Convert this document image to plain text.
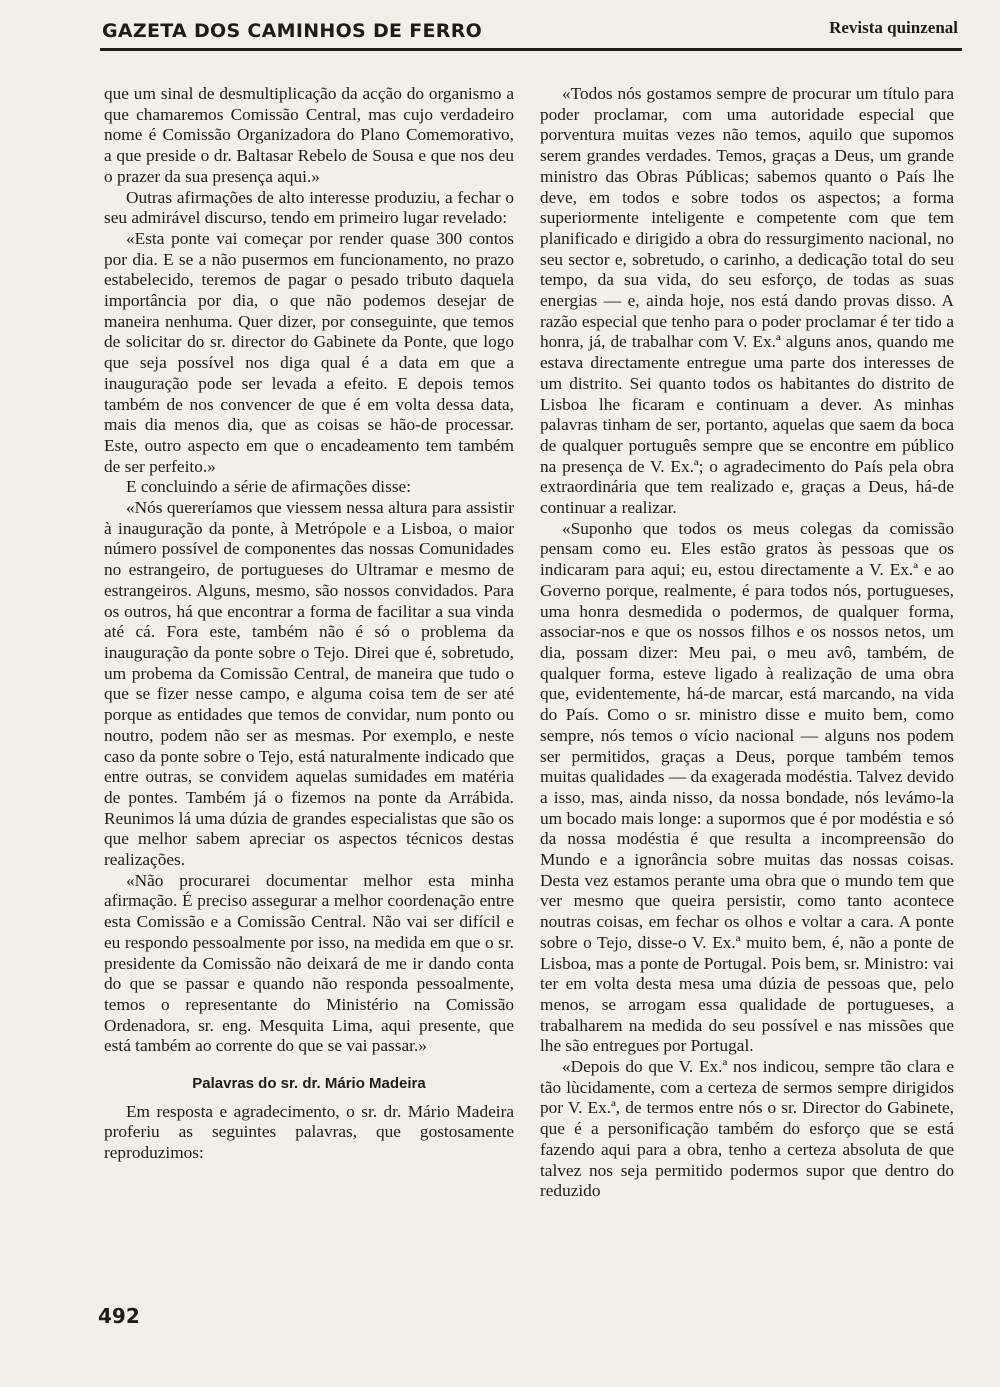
GAZETA DOS CAMINHOS DE FERRO	Revista quinzenal

que um sinal de desmultiplicação da acção do organismo a que chamaremos Comissão Central, mas cujo verdadeiro nome é Comissão Organizadora do Plano Comemorativo, a que preside o dr. Baltasar Rebelo de Sousa e que nos deu o prazer da sua presença aqui.»

Outras afirmações de alto interesse produziu, a fechar o seu admirável discurso, tendo em primeiro lugar revelado:

«Esta ponte vai começar por render quase 300 contos por dia. E se a não pusermos em funcionamento, no prazo estabelecido, teremos de pagar o pesado tributo daquela importância por dia, o que não podemos desejar de maneira nenhuma. Quer dizer, por conseguinte, que temos de solicitar do sr. director do Gabinete da Ponte, que logo que seja possível nos diga qual é a data em que a inauguração pode ser levada a efeito. E depois temos também de nos convencer de que é em volta dessa data, mais dia menos dia, que as coisas se hão-de processar. Este, outro aspecto em que o encadeamento tem também de ser perfeito.»

E concluindo a série de afirmações disse:

«Nós quereríamos que viessem nessa altura para assistir à inauguração da ponte, à Metrópole e a Lisboa, o maior número possível de componentes das nossas Comunidades no estrangeiro, de portugueses do Ultramar e mesmo de estrangeiros. Alguns, mesmo, são nossos convidados. Para os outros, há que encontrar a forma de facilitar a sua vinda até cá. Fora este, também não é só o problema da inauguração da ponte sobre o Tejo. Direi que é, sobretudo, um probema da Comissão Central, de maneira que tudo o que se fizer nesse campo, e alguma coisa tem de ser até porque as entidades que temos de convidar, num ponto ou noutro, podem não ser as mesmas. Por exemplo, e neste caso da ponte sobre o Tejo, está naturalmente indicado que entre outras, se convidem aquelas sumidades em matéria de pontes. Também já o fizemos na ponte da Arrábida. Reunimos lá uma dúzia de grandes especialistas que são os que melhor sabem apreciar os aspectos técnicos destas realizações.

«Não procurarei documentar melhor esta minha afirmação. É preciso assegurar a melhor coordenação entre esta Comissão e a Comissão Central. Não vai ser difícil e eu respondo pessoalmente por isso, na medida em que o sr. presidente da Comissão não deixará de me ir dando conta do que se passar e quando não responda pessoalmente, temos o representante do Ministério na Comissão Ordenadora, sr. eng. Mesquita Lima, aqui presente, que está também ao corrente do que se vai passar.»

Palavras do sr. dr. Mário Madeira

Em resposta e agradecimento, o sr. dr. Mário Madeira proferiu as seguintes palavras, que gostosamente reproduzimos:

«Todos nós gostamos sempre de procurar um título para poder proclamar, com uma autoridade especial que porventura muitas vezes não temos, aquilo que supomos serem grandes verdades. Temos, graças a Deus, um grande ministro das Obras Públicas; sabemos quanto o País lhe deve, em todos e sobre todos os aspectos; a forma superiormente inteligente e competente com que tem planificado e dirigido a obra do ressurgimento nacional, no seu sector e, sobretudo, o carinho, a dedicação total do seu tempo, da sua vida, do seu esforço, de todas as suas energias — e, ainda hoje, nos está dando provas disso. A razão especial que tenho para o poder proclamar é ter tido a honra, já, de trabalhar com V. Ex.ª alguns anos, quando me estava directamente entregue uma parte dos interesses de um distrito. Sei quanto todos os habitantes do distrito de Lisboa lhe ficaram e continuam a dever. As minhas palavras tinham de ser, portanto, aquelas que saem da boca de qualquer português sempre que se encontre em público na presença de V. Ex.ª; o agradecimento do País pela obra extraordinária que tem realizado e, graças a Deus, há-de continuar a realizar.

«Suponho que todos os meus colegas da comissão pensam como eu. Eles estão gratos às pessoas que os indicaram para aqui; eu, estou directamente a V. Ex.ª e ao Governo porque, realmente, é para todos nós, portugueses, uma honra desmedida o podermos, de qualquer forma, associar-nos e que os nossos filhos e os nossos netos, um dia, possam dizer: Meu pai, o meu avô, também, de qualquer forma, esteve ligado à realização de uma obra que, evidentemente, há-de marcar, está marcando, na vida do País. Como o sr. ministro disse e muito bem, como sempre, nós temos o vício nacional — alguns nos podem ser permitidos, graças a Deus, porque também temos muitas qualidades — da exagerada modéstia. Talvez devido a isso, mas, ainda nisso, da nossa bondade, nós levámo-la um bocado mais longe: a supormos que é por modéstia e só da nossa modéstia é que resulta a incompreensão do Mundo e a ignorância sobre muitas das nossas coisas. Desta vez estamos perante uma obra que o mundo tem que ver mesmo que queira persistir, como tanto acontece noutras coisas, em fechar os olhos e voltar a cara. A ponte sobre o Tejo, disse-o V. Ex.ª muito bem, é, não a ponte de Lisboa, mas a ponte de Portugal. Pois bem, sr. Ministro: vai ter em volta desta mesa uma dúzia de pessoas que, pelo menos, se arrogam essa qualidade de portugueses, a trabalharem na medida do seu possível e nas missões que lhe são entregues por Portugal.

«Depois do que V. Ex.ª nos indicou, sempre tão clara e tão lùcidamente, com a certeza de sermos sempre dirigidos por V. Ex.ª, de termos entre nós o sr. Director do Gabinete, que é a personificação também do esforço que se está fazendo aqui para a obra, tenho a certeza absoluta de que talvez nos seja permitido podermos supor que dentro do reduzido

492
